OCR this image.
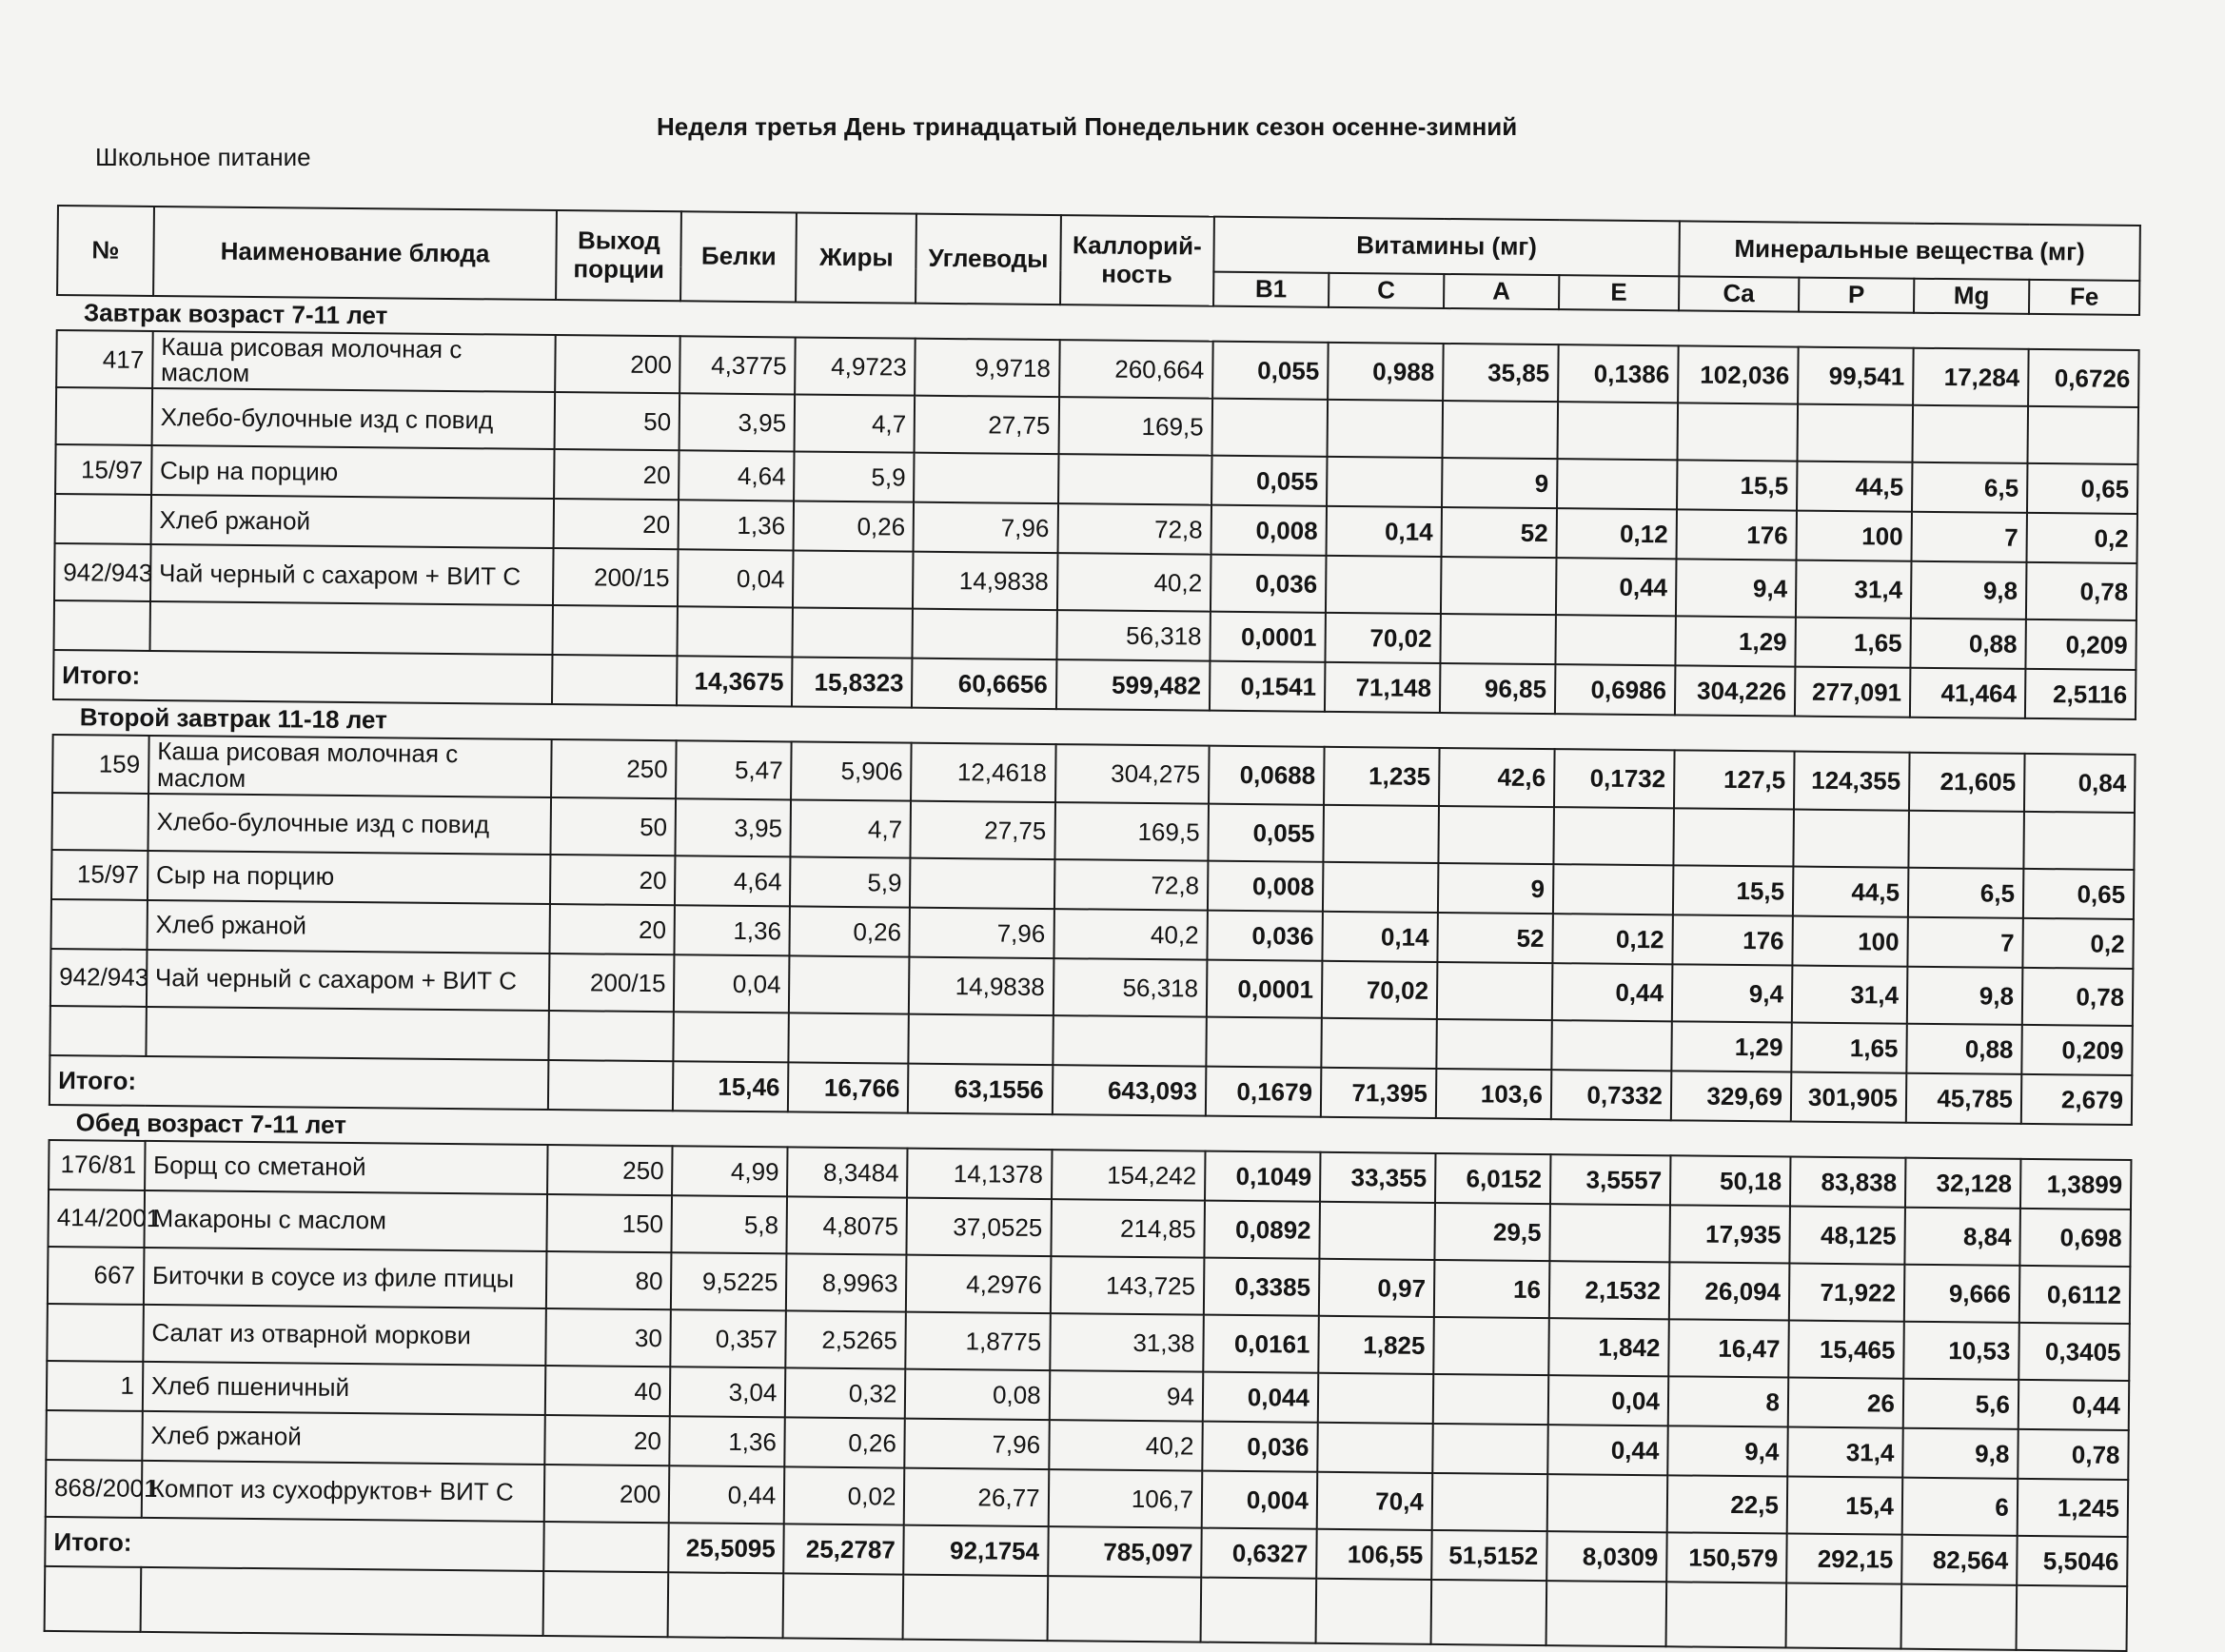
Школьное питание
Неделя третья День тринадцатый Понедельник сезон осенне-зимний
№	Наименование блюда	Выход порции	Белки	Жиры	Углеводы	Каллорий-ность	Витамины (мг)				Минеральные вещества (мг)			
							B1	C	A	E	Ca	P	Mg	Fe
Завтрак возраст 7-11 лет														
417	Каша рисовая молочная с маслом	200	4,3775	4,9723	9,9718	260,664	0,055	0,988	35,85	0,1386	102,036	99,541	17,284	0,6726
	Хлебо-булочные изд с повид	50	3,95	4,7	27,75	169,5								
15/97	Сыр на порцию	20	4,64	5,9			0,055		9		15,5	44,5	6,5	0,65
	Хлеб ржаной	20	1,36	0,26	7,96	72,8	0,008	0,14	52	0,12	176	100	7	0,2
942/943	Чай черный с сахаром + ВИТ С	200/15	0,04		14,9838	40,2	0,036			0,44	9,4	31,4	9,8	0,78
						56,318	0,0001	70,02			1,29	1,65	0,88	0,209
Итого:			14,3675	15,8323	60,6656	599,482	0,1541	71,148	96,85	0,6986	304,226	277,091	41,464	2,5116
Второй завтрак 11-18 лет														
159	Каша рисовая молочная с маслом	250	5,47	5,906	12,4618	304,275	0,0688	1,235	42,6	0,1732	127,5	124,355	21,605	0,84
	Хлебо-булочные изд с повид	50	3,95	4,7	27,75	169,5	0,055							
15/97	Сыр на порцию	20	4,64	5,9		72,8	0,008		9		15,5	44,5	6,5	0,65
	Хлеб ржаной	20	1,36	0,26	7,96	40,2	0,036	0,14	52	0,12	176	100	7	0,2
942/943	Чай черный с сахаром + ВИТ С	200/15	0,04		14,9838	56,318	0,0001	70,02		0,44	9,4	31,4	9,8	0,78
											1,29	1,65	0,88	0,209
Итого:			15,46	16,766	63,1556	643,093	0,1679	71,395	103,6	0,7332	329,69	301,905	45,785	2,679
Обед возраст 7-11 лет														
176/81	Борщ со сметаной	250	4,99	8,3484	14,1378	154,242	0,1049	33,355	6,0152	3,5557	50,18	83,838	32,128	1,3899
414/2001	Макароны с маслом	150	5,8	4,8075	37,0525	214,85	0,0892		29,5		17,935	48,125	8,84	0,698
667	Биточки в соусе из филе птицы	80	9,5225	8,9963	4,2976	143,725	0,3385	0,97	16	2,1532	26,094	71,922	9,666	0,6112
	Салат из отварной моркови	30	0,357	2,5265	1,8775	31,38	0,0161	1,825		1,842	16,47	15,465	10,53	0,3405
1	Хлеб пшеничный	40	3,04	0,32	0,08	94	0,044			0,04	8	26	5,6	0,44
	Хлеб ржаной	20	1,36	0,26	7,96	40,2	0,036			0,44	9,4	31,4	9,8	0,78
868/2001	Компот из сухофруктов+ ВИТ С	200	0,44	0,02	26,77	106,7	0,004	70,4			22,5	15,4	6	1,245
Итого:			25,5095	25,2787	92,1754	785,097	0,6327	106,55	51,5152	8,0309	150,579	292,15	82,564	5,5046
